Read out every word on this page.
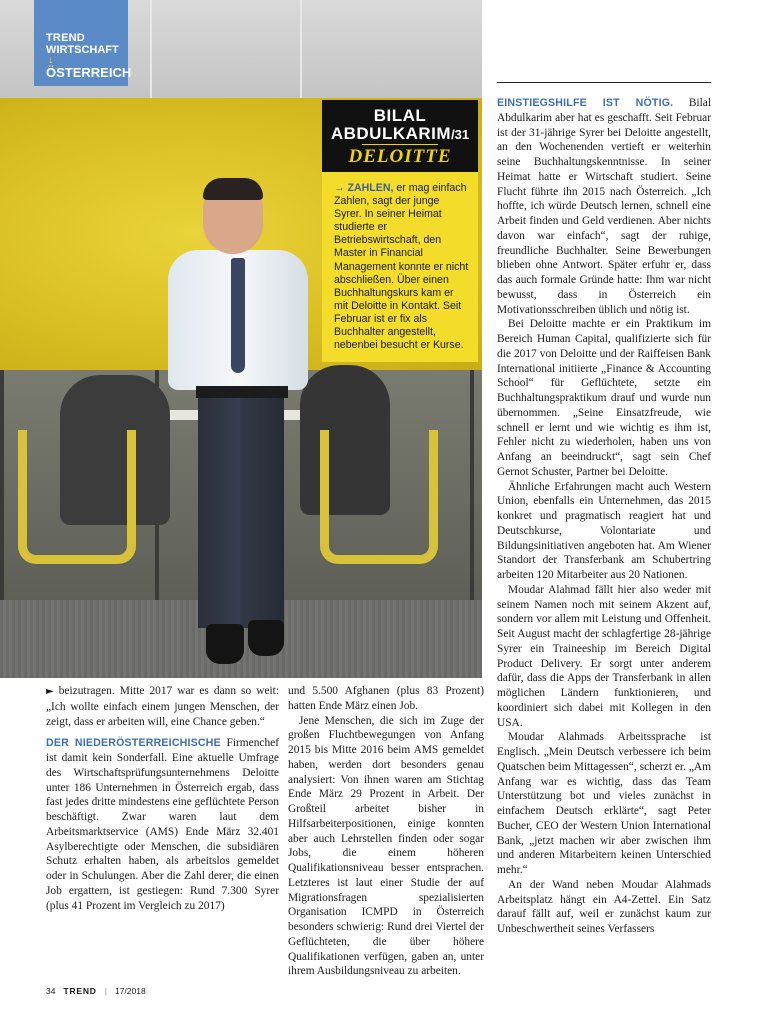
TREND
WIRTSCHAFT
↓
ÖSTERREICH
BILAL
ABDULKARIM/31
DELOITTE
→ ZAHLEN, er mag einfach Zahlen, sagt der junge Syrer. In seiner Heimat studierte er Betriebswirtschaft, den Master in Financial Management konnte er nicht abschließen. Über einen Buchhaltungskurs kam er mit Deloitte in Kontakt. Seit Februar ist er fix als Buchhalter angestellt, nebenbei besucht er Kurse.

► beizutragen. Mitte 2017 war es dann so weit: „Ich wollte einfach einem jungen Menschen, der zeigt, dass er arbeiten will, eine Chance geben.“

DER NIEDERÖSTERREICHISCHE Firmenchef ist damit kein Sonderfall. Eine aktuelle Umfrage des Wirtschaftsprüfungsunternehmens Deloitte unter 186 Unternehmen in Österreich ergab, dass fast jedes dritte mindestens eine geflüchtete Person beschäftigt. Zwar waren laut dem Arbeitsmarktservice (AMS) Ende März 32.401 Asylberechtigte oder Menschen, die subsidiären Schutz erhalten haben, als arbeitslos gemeldet oder in Schulungen. Aber die Zahl derer, die einen Job ergattern, ist gestiegen: Rund 7.300 Syrer (plus 41 Prozent im Vergleich zu 2017)

und 5.500 Afghanen (plus 83 Prozent) hatten Ende März einen Job.

Jene Menschen, die sich im Zuge der großen Fluchtbewegungen von Anfang 2015 bis Mitte 2016 beim AMS gemeldet haben, werden dort besonders genau analysiert: Von ihnen waren am Stichtag Ende März 29 Prozent in Arbeit. Der Großteil arbeitet bisher in Hilfsarbeiterpositionen, einige konnten aber auch Lehrstellen finden oder sogar Jobs, die einem höheren Qualifikationsniveau besser entsprachen. Letzteres ist laut einer Studie der auf Migrationsfragen spezialisierten Organisation ICMPD in Österreich besonders schwierig: Rund drei Viertel der Geflüchteten, die über höhere Qualifikationen verfügen, gaben an, unter ihrem Ausbildungsniveau zu arbeiten.

EINSTIEGSHILFE IST NÖTIG. Bilal Abdulkarim aber hat es geschafft. Seit Februar ist der 31-jährige Syrer bei Deloitte angestellt, an den Wochenenden vertieft er weiterhin seine Buchhaltungskenntnisse. In seiner Heimat hatte er Wirtschaft studiert. Seine Flucht führte ihn 2015 nach Österreich. „Ich hoffte, ich würde Deutsch lernen, schnell eine Arbeit finden und Geld verdienen. Aber nichts davon war einfach“, sagt der ruhige, freundliche Buchhalter. Seine Bewerbungen blieben ohne Antwort. Später erfuhr er, dass das auch formale Gründe hatte: Ihm war nicht bewusst, dass in Österreich ein Motivationsschreiben üblich und nötig ist.

Bei Deloitte machte er ein Praktikum im Bereich Human Capital, qualifizierte sich für die 2017 von Deloitte und der Raiffeisen Bank International initiierte „Finance & Accounting School“ für Geflüchtete, setzte ein Buchhaltungspraktikum drauf und wurde nun übernommen. „Seine Einsatzfreude, wie schnell er lernt und wie wichtig es ihm ist, Fehler nicht zu wiederholen, haben uns von Anfang an beeindruckt“, sagt sein Chef Gernot Schuster, Partner bei Deloitte.

Ähnliche Erfahrungen macht auch Western Union, ebenfalls ein Unternehmen, das 2015 konkret und pragmatisch reagiert hat und Deutschkurse, Volontariate und Bildungsinitiativen angeboten hat. Am Wiener Standort der Transferbank am Schubertring arbeiten 120 Mitarbeiter aus 20 Nationen.

Moudar Alahmad fällt hier also weder mit seinem Namen noch mit seinem Akzent auf, sondern vor allem mit Leistung und Offenheit. Seit August macht der schlagfertige 28-jährige Syrer ein Traineeship im Bereich Digital Product Delivery. Er sorgt unter anderem dafür, dass die Apps der Transferbank in allen möglichen Ländern funktionieren, und koordiniert sich dabei mit Kollegen in den USA.

Moudar Alahmads Arbeitssprache ist Englisch. „Mein Deutsch verbessere ich beim Quatschen beim Mittagessen“, scherzt er. „Am Anfang war es wichtig, dass das Team Unterstützung bot und vieles zunächst in einfachem Deutsch erklärte“, sagt Peter Bucher, CEO der Western Union International Bank, „jetzt machen wir aber zwischen ihm und anderen Mitarbeitern keinen Unterschied mehr.“

An der Wand neben Moudar Alahmads Arbeitsplatz hängt ein A4-Zettel. Ein Satz darauf fällt auf, weil er zunächst kaum zur Unbeschwertheit seines Verfassers

34 TREND | 17/2018
